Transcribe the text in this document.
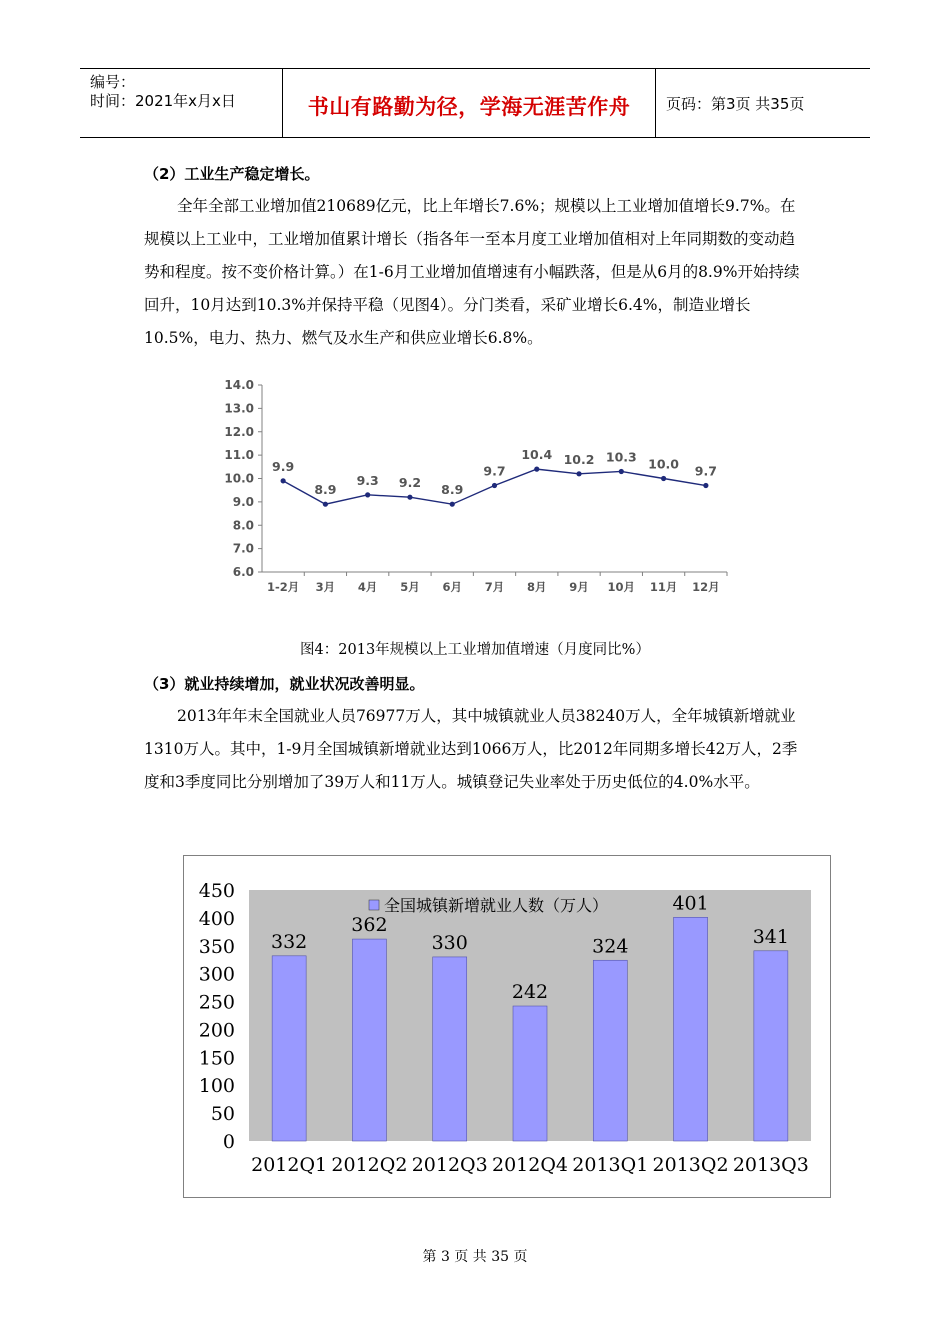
编号：
时间：2021年x月x日	书山有路勤为径，学海无涯苦作舟	页码：第3页 共35页
（2）工业生产稳定增长。
全年全部工业增加值210689亿元，比上年增长7.6%；规模以上工业增加值增长9.7%。在规模以上工业中，工业增加值累计增长（指各年一至本月度工业增加值相对上年同期数的变动趋势和程度。按不变价格计算。）在1-6月工业增加值增速有小幅跌落，但是从6月的8.9%开始持续回升，10月达到10.3%并保持平稳（见图4）。分门类看，采矿业增长6.4%，制造业增长10.5%，电力、热力、燃气及水生产和供应业增长6.8%。
14.0
13.0
12.0
11.0
10.0
9.0
8.0
7.0
6.0
1-2月 3月 4月 5月 6月 7月 8月 9月 10月 11月 12月
9.9
8.9
9.3 9.2 8.9
9.7
10.4 10.2 10.3 10.0 9.7
图4：2013年规模以上工业增加值增速（月度同比%）
（3）就业持续增加，就业状况改善明显。
2013年年末全国就业人员76977万人，其中城镇就业人员38240万人，全年城镇新增就业1310万人。其中，1-9月全国城镇新增就业达到1066万人，比2012年同期多增长42万人，2季度和3季度同比分别增加了39万人和11万人。城镇登记失业率处于历史低位的4.0%水平。
450
400
350
300
250
200
150
100
50
0
332
362
330
242
324
401
341
2012Q1 2012Q2 2012Q3 2012Q4 2013Q1 2013Q2 2013Q3
全国城镇新增就业人数（万人）
第 3 页 共 35 页
